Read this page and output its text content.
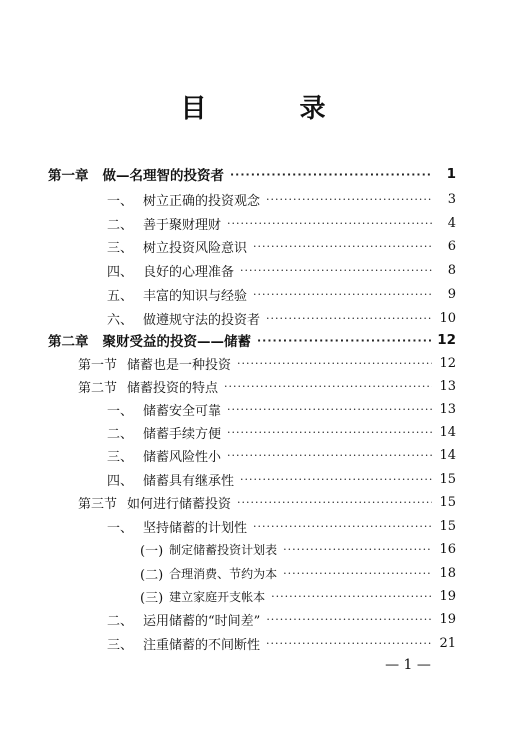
目 录
第一章 做—名理智的投资者 ·····	1
一、 树立正确的投资观念 ·····	3
二、 善于聚财理财 ·····	4
三、 树立投资风险意识 ·····	6
四、 良好的心理准备 ·····	8
五、 丰富的知识与经验 ·····	9
六、 做遵规守法的投资者 ·····	10
第二章 聚财受益的投资——储蓄 ·····	12
第一节 储蓄也是一种投资 ·····	12
第二节 储蓄投资的特点 ·····	13
一、 储蓄安全可靠 ·····	13
二、 储蓄手续方便 ·····	14
三、 储蓄风险性小 ·····	14
四、 储蓄具有继承性 ·····	15
第三节 如何进行储蓄投资 ·····	15
一、 坚持储蓄的计划性 ·····	15
(一) 制定储蓄投资计划表 ·····	16
(二) 合理消费、节约为本 ·····	18
(三) 建立家庭开支帐本 ·····	19
二、 运用储蓄的“时间差” ·····	19
三、 注重储蓄的不间断性 ·····	21
— 1 —
